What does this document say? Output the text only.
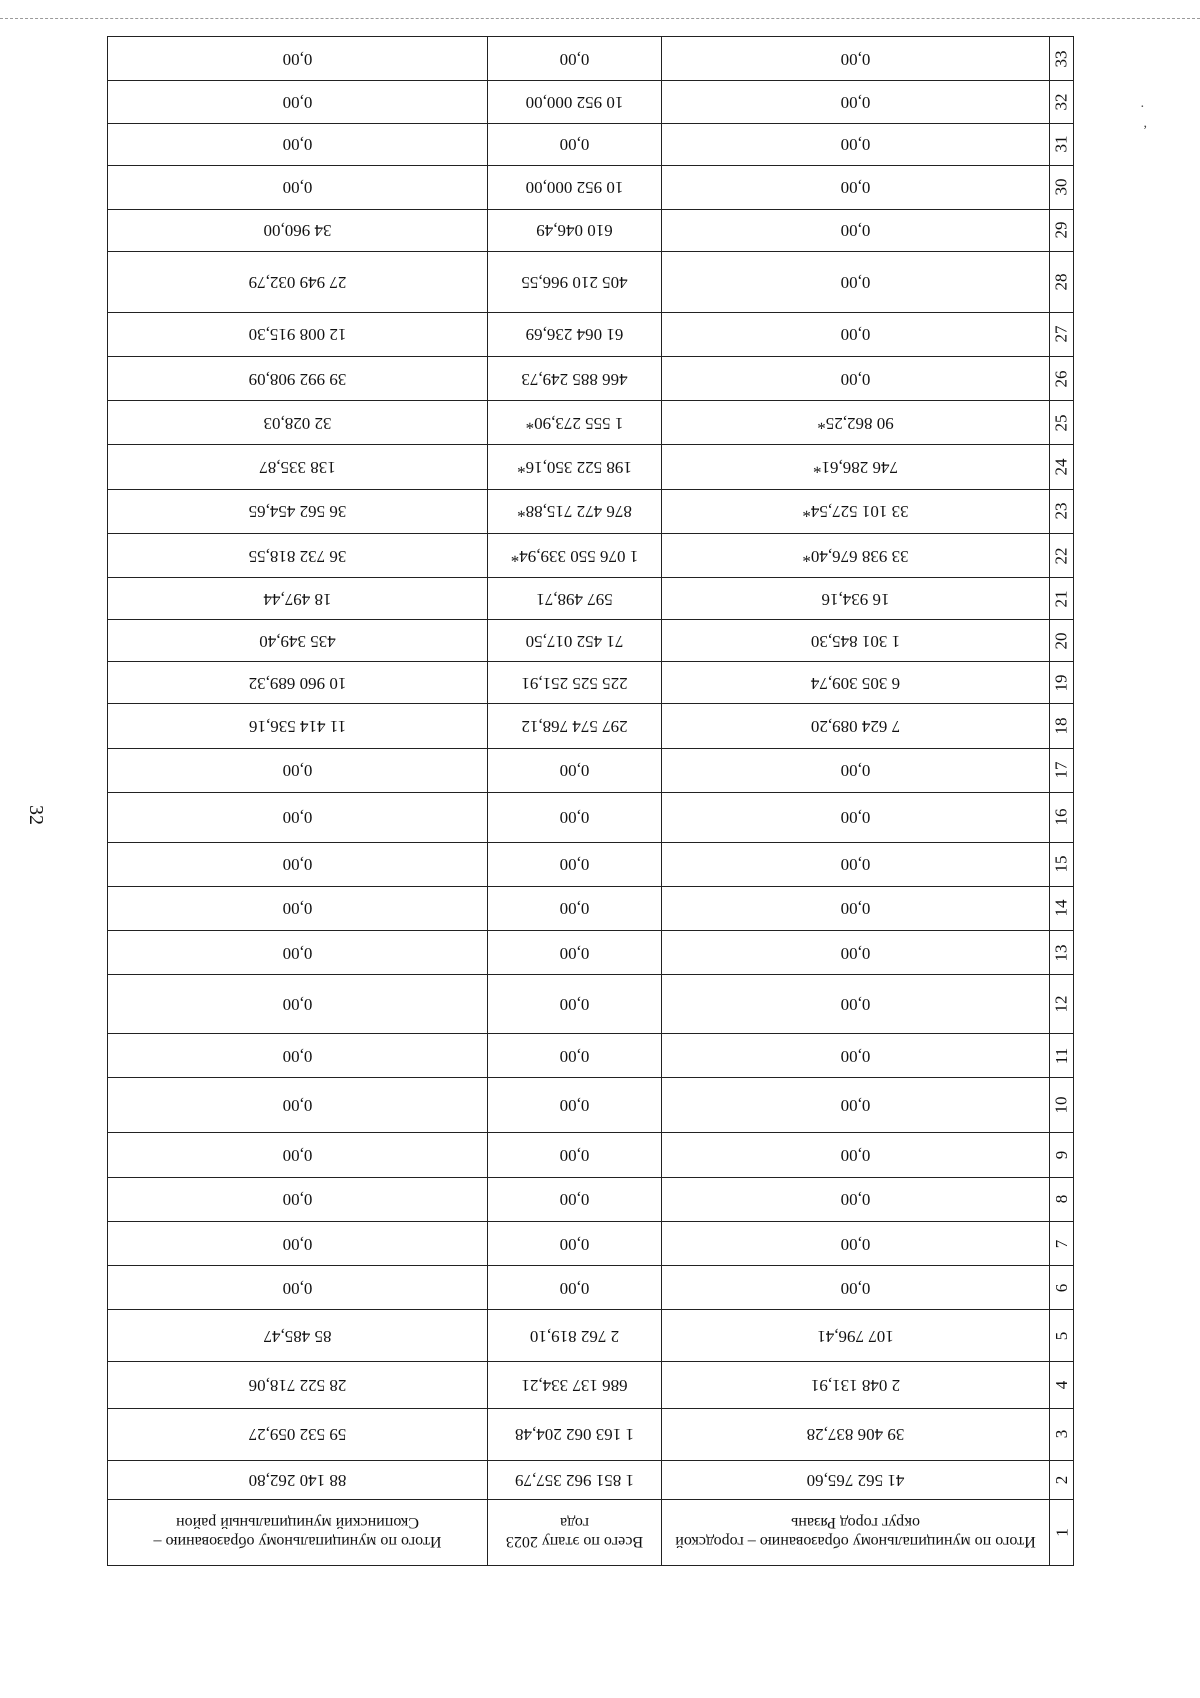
·
,
32
1	Итого по муниципальному образованию – городской округ город Рязань	Всего по этапу 2023 года	Итого по муниципальному образованию – Скопинский муниципальный район
2	41 562 765,60	1 851 962 357,79	88 140 262,80
3	39 406 837,28	1 163 062 204,48	59 532 059,27
4	2 048 131,91	686 137 334,21	28 522 718,06
5	107 796,41	2 762 819,10	85 485,47
6	0,00	0,00	0,00
7	0,00	0,00	0,00
8	0,00	0,00	0,00
9	0,00	0,00	0,00
10	0,00	0,00	0,00
11	0,00	0,00	0,00
12	0,00	0,00	0,00
13	0,00	0,00	0,00
14	0,00	0,00	0,00
15	0,00	0,00	0,00
16	0,00	0,00	0,00
17	0,00	0,00	0,00
18	7 624 089,20	297 574 768,12	11 414 536,16
19	6 305 309,74	225 525 251,91	10 960 689,32
20	1 301 845,30	71 452 017,50	435 349,40
21	16 934,16	597 498,71	18 497,44
22	33 938 676,40*	1 076 550 339,94*	36 732 818,55
23	33 101 527,54*	876 472 715,88*	36 562 454,65
24	746 286,61*	198 522 350,16*	138 335,87
25	90 862,25*	1 555 273,90*	32 028,03
26	0,00	466 885 249,73	39 992 908,09
27	0,00	61 064 236,69	12 008 915,30
28	0,00	405 210 966,55	27 949 032,79
29	0,00	610 046,49	34 960,00
30	0,00	10 952 000,00	0,00
31	0,00	0,00	0,00
32	0,00	10 952 000,00	0,00
33	0,00	0,00	0,00
